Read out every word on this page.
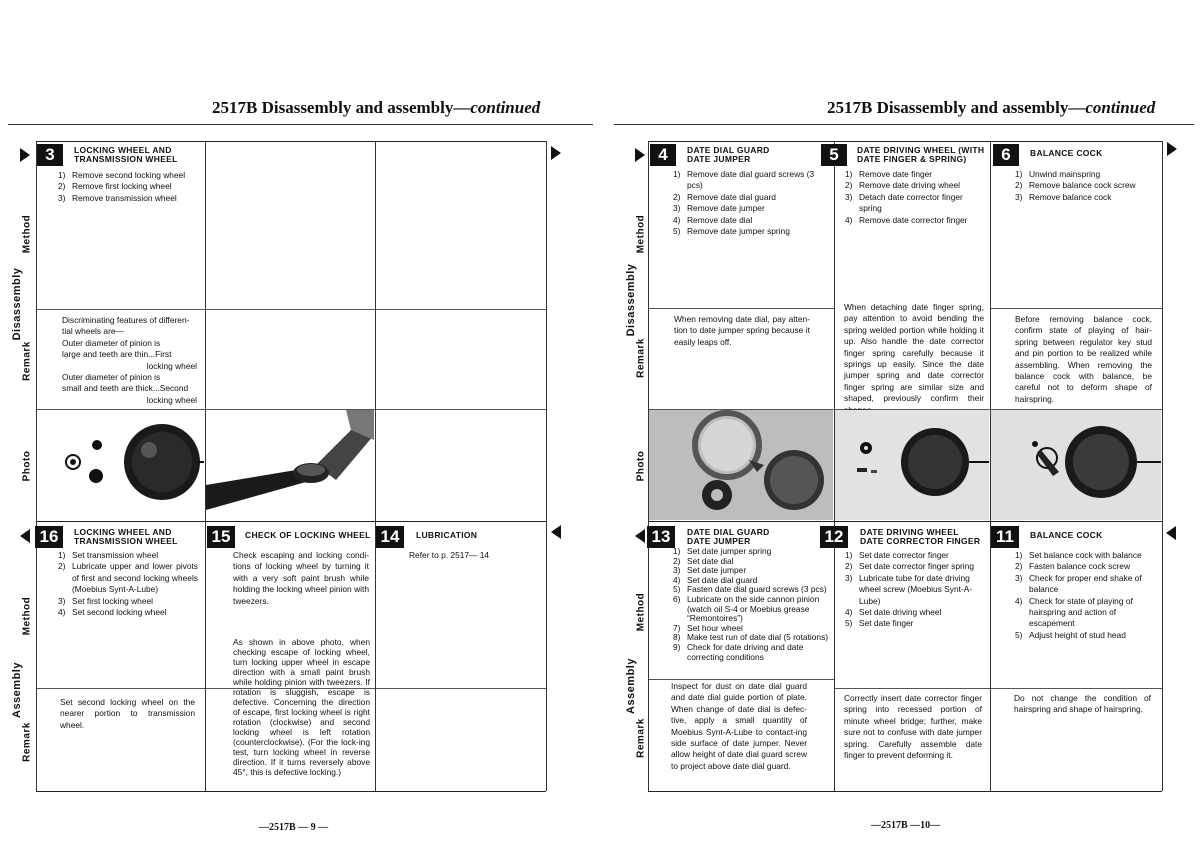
2517B Disassembly and assembly—continued
Disassembly
Method
Remark
Photo
Assembly
Method
Remark
3	LOCKING WHEEL AND
TRANSMISSION WHEEL
1) Remove second locking wheel
2) Remove first locking wheel
3) Remove transmission wheel
Discriminating features of differen-
tial wheels are—
Outer diameter of pinion is
large and teeth are thin...First
locking wheel
Outer diameter of pinion is
small and teeth are thick...Second
locking wheel
16	LOCKING WHEEL AND
TRANSMISSION WHEEL
1) Set transmission wheel
2) Lubricate upper and lower pivots of first and second locking wheels (Moebius Synt-A-Lube)
3) Set first locking wheel
4) Set second locking wheel
Set second locking wheel on the nearer portion to transmission wheel.
15	CHECK OF LOCKING WHEEL
Check escaping and locking condi-tions of locking wheel by turning it with a very soft paint brush while holding the locking wheel pinion with tweezers.
As shown in above photo, when checking escape of locking wheel, turn locking upper wheel in escape direction with a small paint brush while holding pinion with tweezers. If rotation is sluggish, escape is defective. Concerning the direction of escape, first locking wheel is right rotation (clockwise) and second locking wheel is left rotation (counterclockwise). (For the lock-ing test, turn locking wheel in reverse direction. If it turns reversely above 45°, this is defective locking.)
14	LUBRICATION
Refer to p. 2517— 14
—2517B — 9 —
2517B Disassembly and assembly—continued
Disassembly
Method
Remark
Photo
Assembly
Method
Remark
4	DATE DIAL GUARD
DATE JUMPER
1) Remove date dial guard screws (3 pcs)
2) Remove date dial guard
3) Remove date jumper
4) Remove date dial
5) Remove date jumper spring
When removing date dial, pay atten-tion to date jumper spring because it easily leaps off.
5	DATE DRIVING WHEEL (WITH
DATE FINGER & SPRING)
1) Remove date finger
2) Remove date driving wheel
3) Detach date corrector finger spring
4) Remove date corrector finger
When detaching date finger spring, pay attention to avoid bending the spring welded portion while holding it up. Also handle the date corrector finger spring carefully because it springs up easily. Since the date jumper spring and date corrector finger spring are similar size and shaped, previously confirm their
6	BALANCE COCK
1) Unwind mainspring
2) Remove balance cock screw
3) Remove balance cock
Before removing balance cock, confirm state of playing of hair-spring between regulator key stud and pin portion to be realized while assembling. When removing the balance cock with balance, be careful not to deform shape of hairspring.
13	DATE DIAL GUARD
DATE JUMPER
1) Set date jumper spring
2) Set date dial
3) Set date jumper
4) Set date dial guard
5) Fasten date dial guard screws (3 pcs)
6) Lubricate on the side cannon pinion (watch oil S-4 or Moebius grease “Remontoires”)
7) Set hour wheel
8) Make test run of date dial (5 rotations)
9) Check for date driving and date correcting conditions
Inspect for dust on date dial guard and date dial guide portion of plate. When change of date dial is defec-tive, apply a small quantity of Moebius Synt-A-Lube to contact-ing side surface of date jumper. Never allow height of date dial guard screw to project above date dial guard.
12	DATE DRIVING WHEEL
DATE CORRECTOR FINGER
1) Set date corrector finger
2) Set date corrector finger spring
3) Lubricate tube for date driving wheel screw (Moebius Synt-A-Lube)
4) Set date driving wheel
5) Set date finger
Correctly insert date corrector finger spring into recessed portion of minute wheel bridge; further, make sure not to confuse with date jumper spring. Carefully assemble date finger to prevent deforming it.
11	BALANCE COCK
1) Set balance cock with balance
2) Fasten balance cock screw
3) Check for proper end shake of balance
4) Check for state of playing of hairspring and action of escapement
5) Adjust height of stud head
Do not change the condition of hairspring and shape of hairspring.
—2517B —10—
